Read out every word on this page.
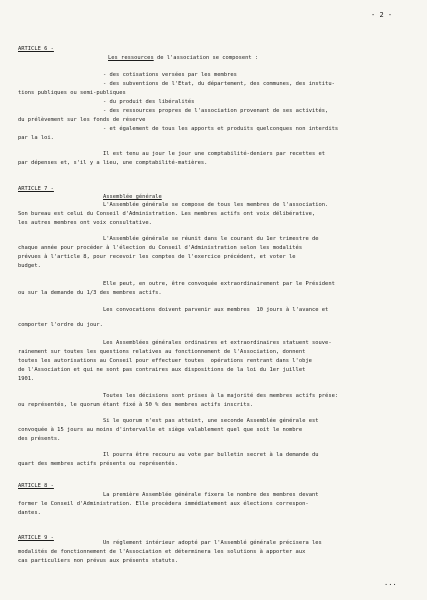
- 2 -
ARTICLE 6 -
Les ressources de l'association se composent :
- des cotisations versées par les membres
- des subventions de l'Etat, du département, des communes, des institu-
tions publiques ou semi-publiques
- du produit des libéralités
- des ressources propres de l'association provenant de ses activités,
du prélèvement sur les fonds de réserve
- et également de tous les apports et produits quelconques non interdits
par la loi.
Il est tenu au jour le jour une comptabilité-deniers par recettes et
par dépenses et, s'il y a lieu, une comptabilité-matières.
ARTICLE 7 -
Assemblée générale
L'Assemblée générale se compose de tous les membres de l'association.
Son bureau est celui du Conseil d'Administration. Les membres actifs ont voix délibérative,
les autres membres ont voix consultative.
L'Assemblée générale se réunit dans le courant du 1er trimestre de
chaque année pour procéder à l'élection du Conseil d'Administration selon les modalités
prévues à l'article 8, pour recevoir les comptes de l'exercice précédent, et voter le
budget.
Elle peut, en outre, être convoquée extraordinairement par le Président
ou sur la demande du 1/3 des membres actifs.
Les convocations doivent parvenir aux membres  10 jours à l'avance et
comporter l'ordre du jour.
Les Assemblées générales ordinaires et extraordinaires statuent souve-
rainement sur toutes les questions relatives au fonctionnement de l'Association, donnent
toutes les autorisations au Conseil pour effectuer toutes  opérations rentrant dans l'obje
de l'Association et qui ne sont pas contraires aux dispositions de la loi du 1er juillet
1901.
Toutes les décisions sont prises à la majorité des membres actifs prése:
ou représentés, le quorum étant fixé à 50 % des membres actifs inscrits.
Si le quorum n'est pas atteint, une seconde Assemblée générale est
convoquée à 15 jours au moins d'intervalle et siège valablement quel que soit le nombre
des présents.
Il pourra être recouru au vote par bulletin secret à la demande du
quart des membres actifs présents ou représentés.
ARTICLE 8 -
La première Assemblée générale fixera le nombre des membres devant
former le Conseil d'Administration. Elle procèdera immédiatement aux élections correspon-
dantes.
ARTICLE 9 -
Un réglement intérieur adopté par l'Assemblé générale précisera les
modalités de fonctionnement de l'Association et déterminera les solutions à apporter aux
cas particuliers non prévus aux présents statuts.
...
